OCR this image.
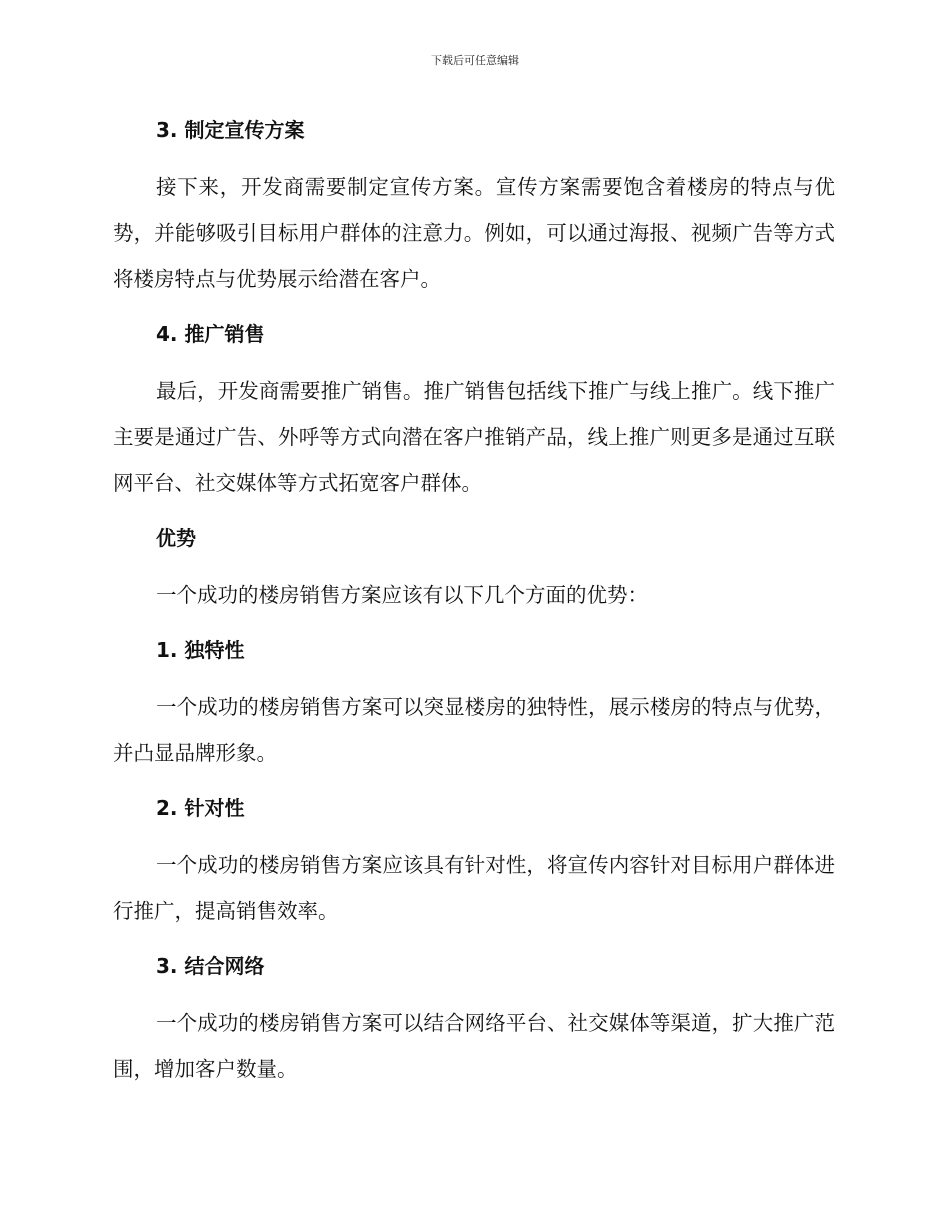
下载后可任意编辑
3. 制定宣传方案

接下来，开发商需要制定宣传方案。宣传方案需要饱含着楼房的特点与优势，并能够吸引目标用户群体的注意力。例如，可以通过海报、视频广告等方式将楼房特点与优势展示给潜在客户。

4. 推广销售

最后，开发商需要推广销售。推广销售包括线下推广与线上推广。线下推广主要是通过广告、外呼等方式向潜在客户推销产品，线上推广则更多是通过互联网平台、社交媒体等方式拓宽客户群体。

优势

一个成功的楼房销售方案应该有以下几个方面的优势：

1. 独特性

一个成功的楼房销售方案可以突显楼房的独特性，展示楼房的特点与优势，并凸显品牌形象。

2. 针对性

一个成功的楼房销售方案应该具有针对性，将宣传内容针对目标用户群体进行推广，提高销售效率。

3. 结合网络

一个成功的楼房销售方案可以结合网络平台、社交媒体等渠道，扩大推广范围，增加客户数量。
